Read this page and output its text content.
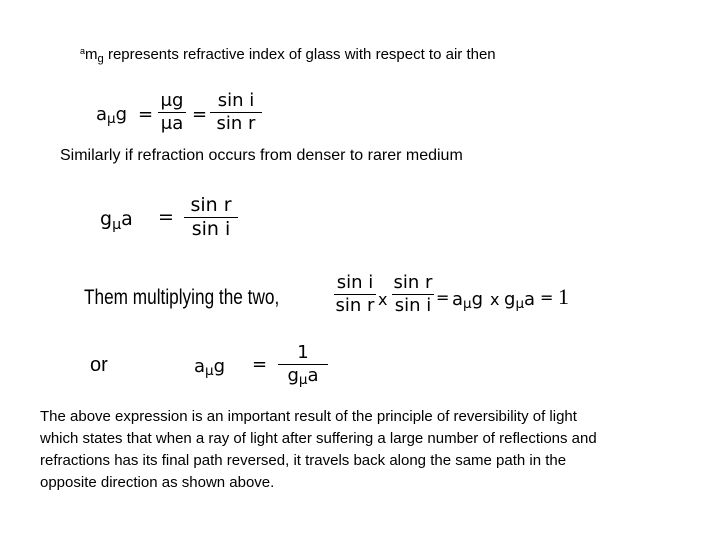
$^a$mg represents refractive index of glass with respect to air then
aμg =
μg
μa =
sin i
sin r
Similarly if refraction occurs from denser to rarer medium
gμa =
sin r
sin i
Them multiplying the two,
sin i
sin r x
sin r
sin i = aμg x gμa = 1
or	aμg =
1
gμa
The above expression is an important result of the principle of reversibility of light
which states that when a ray of light after suffering a large number of reflections and
refractions has its final path reversed, it travels back along the same path in the
opposite direction as shown above.
